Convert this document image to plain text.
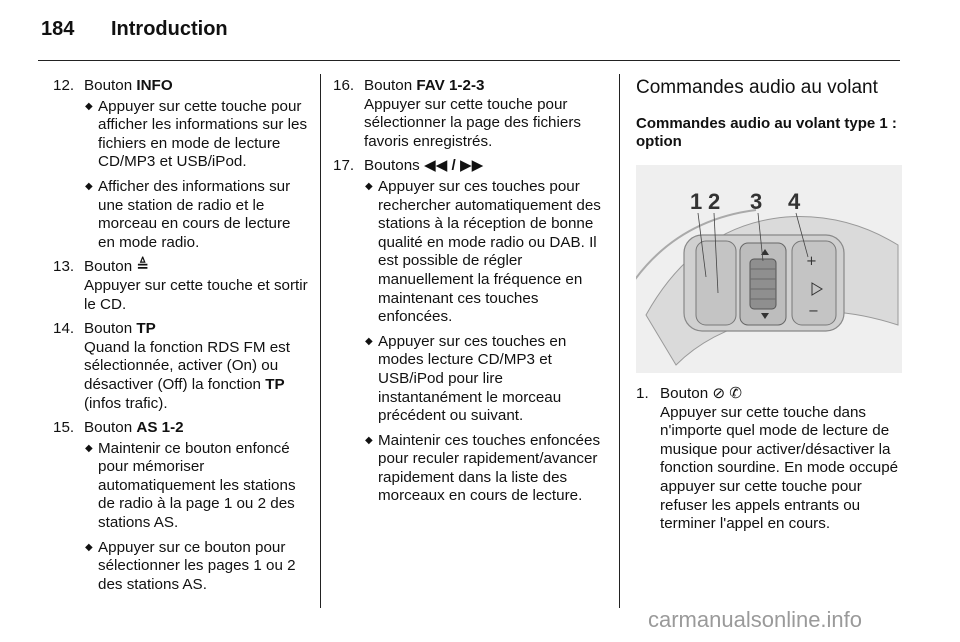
184 Introduction
12. Bouton INFO
◆ Appuyer sur cette touche pour afficher les informations sur les fichiers en mode de lecture CD/MP3 et USB/iPod.
◆ Afficher des informations sur une station de radio et le morceau en cours de lecture en mode radio.
13. Bouton ≜
Appuyer sur cette touche et sortir le CD.
14. Bouton TP
Quand la fonction RDS FM est sélectionnée, activer (On) ou désactiver (Off) la fonction TP (infos trafic).
15. Bouton AS 1-2
◆ Maintenir ce bouton enfoncé pour mémoriser automatiquement les stations de radio à la page 1 ou 2 des stations AS.
◆ Appuyer sur ce bouton pour sélectionner les pages 1 ou 2 des stations AS.
16. Bouton FAV 1-2-3
Appuyer sur cette touche pour sélectionner la page des fichiers favoris enregistrés.
17. Boutons ◀◀ / ▶▶
◆ Appuyer sur ces touches pour rechercher automatiquement des stations à la réception de bonne qualité en mode radio ou DAB. Il est possible de régler manuellement la fréquence en maintenant ces touches enfoncées.
◆ Appuyer sur ces touches en modes lecture CD/MP3 et USB/iPod pour lire instantanément le morceau précédent ou suivant.
◆ Maintenir ces touches enfoncées pour reculer rapidement/avancer rapidement dans la liste des morceaux en cours de lecture.
Commandes audio au volant
Commandes audio au volant type 1 : option
+
−
1 2 3 4
1. Bouton ⊘ ✆
Appuyer sur cette touche dans n'importe quel mode de lecture de musique pour activer/désactiver la fonction sourdine. En mode occupé appuyer sur cette touche pour refuser les appels entrants ou terminer l'appel en cours.
carmanualsonline.info
